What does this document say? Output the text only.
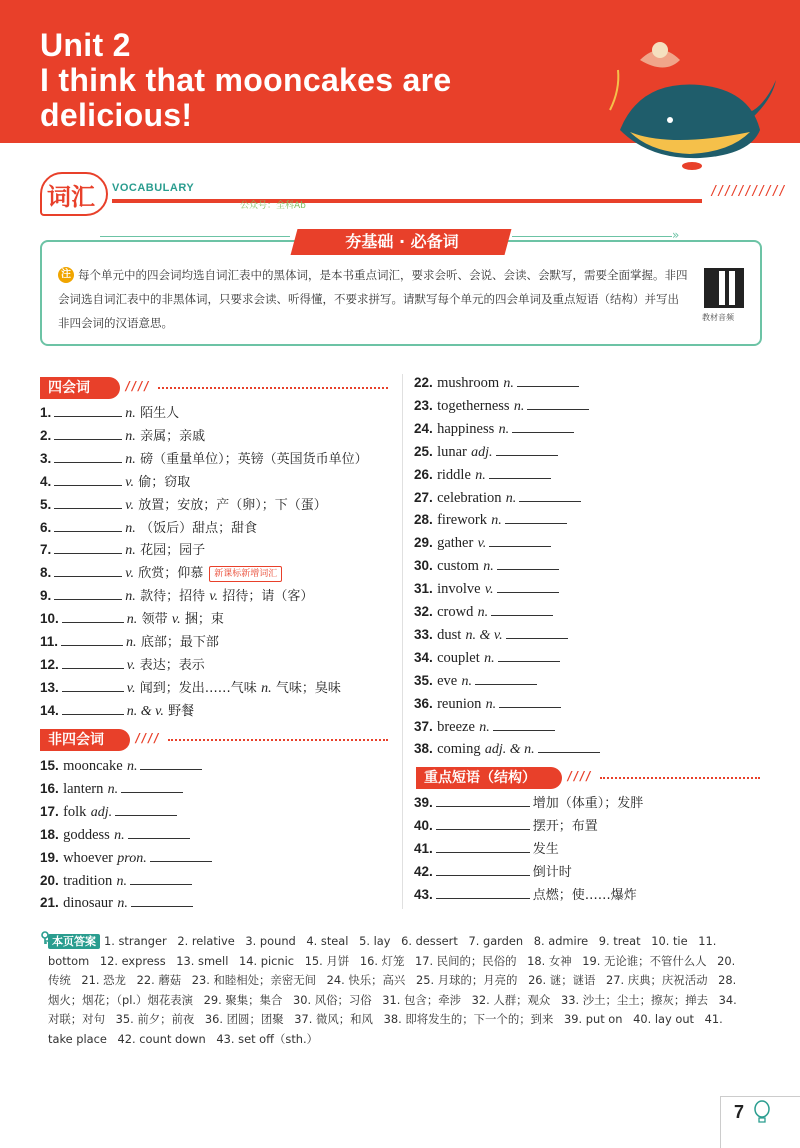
Unit 2
I think that mooncakes are
delicious!
词汇 VOCABULARY
公众号：全科Ab
///////////
»
夯基础 · 必备词
每个单元中的四会词均选自词汇表中的黑体词，是本书重点词汇，要求会听、会说、会读、会默写，需要全面掌握。非四会词选自词汇表中的非黑体词，只要求会读、听得懂，不要求拼写。请默写每个单元的四会单词及重点短语（结构）并写出非四会词的汉语意思。
注
教材音频
四会词	////
非四会词	////
重点短语（结构）	////
1.	n. 陌生人
2.	n. 亲属；亲戚
3.	n. 磅（重量单位）；英镑（英国货币单位）
4.	v. 偷；窃取
5.	v. 放置；安放；产（卵）；下（蛋）
6.	n. （饭后）甜点；甜食
7.	n. 花园；园子
8.	v. 欣赏；仰慕 新课标新增词汇
9.	n. 款待；招待 v. 招待；请（客）
10.	n. 领带 v. 捆；束
11.	n. 底部；最下部
12.	v. 表达；表示
13.	v. 闻到；发出……气味 n. 气味；臭味
14.	n. & v. 野餐
15. mooncake n.
16. lantern n.
17. folk adj.
18. goddess n.
19. whoever pron.
20. tradition n.
21. dinosaur n.
22. mushroom n.
23. togetherness n.
24. happiness n.
25. lunar adj.
26. riddle n.
27. celebration n.
28. firework n.
29. gather v.
30. custom n.
31. involve v.
32. crowd n.
33. dust n. & v.
34. couplet n.
35. eve n.
36. reunion n.
37. breeze n.
38. coming adj. & n.
39.	增加（体重）；发胖
40.	摆开；布置
41.	发生
42.	倒计时
43.	点燃；使……爆炸
本页答案 1. stranger 2. relative 3. pound 4. steal 5. lay 6. dessert 7. garden 8. admire 9. treat 10. tie 11. bottom 12. express 13. smell 14. picnic 15. 月饼 16. 灯笼 17. 民间的；民俗的 18. 女神 19. 无论谁；不管什么人 20. 传统 21. 恐龙 22. 蘑菇 23. 和睦相处；亲密无间 24. 快乐；高兴 25. 月球的；月亮的 26. 谜；谜语 27. 庆典；庆祝活动 28. 烟火；烟花；（pl.）烟花表演 29. 聚集；集合 30. 风俗；习俗 31. 包含；牵涉 32. 人群；观众 33. 沙土；尘土；擦灰；掸去 34. 对联；对句 35. 前夕；前夜 36. 团圆；团聚 37. 微风；和风 38. 即将发生的；下一个的；到来 39. put on 40. lay out 41. take place 42. count down 43. set off（sth.）
7
